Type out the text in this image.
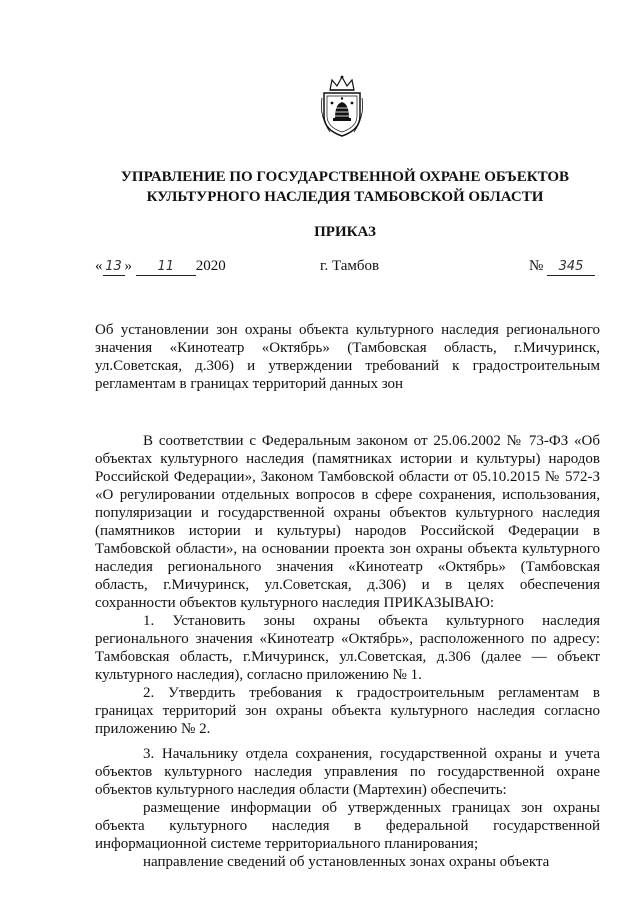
УПРАВЛЕНИЕ ПО ГОСУДАРСТВЕННОЙ ОХРАНЕ ОБЪЕКТОВ
КУЛЬТУРНОГО НАСЛЕДИЯ ТАМБОВСКОЙ ОБЛАСТИ
ПРИКАЗ
« 13 » 11 2020	г. Тамбов	№ 345
Об установлении зон охраны объекта культурного наследия регионального значения «Кинотеатр «Октябрь» (Тамбовская область, г.Мичуринск, ул.Советская, д.306) и утверждении требований к градостроительным регламентам в границах территорий данных зон

В соответствии с Федеральным законом от 25.06.2002 № 73-ФЗ «Об объектах культурного наследия (памятниках истории и культуры) народов Российской Федерации», Законом Тамбовской области от 05.10.2015 № 572-З «О регулировании отдельных вопросов в сфере сохранения, использования, популяризации и государственной охраны объектов культурного наследия (памятников истории и культуры) народов Российской Федерации в Тамбовской области», на основании проекта зон охраны объекта культурного наследия регионального значения «Кинотеатр «Октябрь» (Тамбовская область, г.Мичуринск, ул.Советская, д.306) и в целях обеспечения сохранности объектов культурного наследия ПРИКАЗЫВАЮ:

1. Установить зоны охраны объекта культурного наследия регионального значения «Кинотеатр «Октябрь», расположенного по адресу: Тамбовская область, г.Мичуринск, ул.Советская, д.306 (далее — объект культурного наследия), согласно приложению № 1.

2. Утвердить требования к градостроительным регламентам в границах территорий зон охраны объекта культурного наследия согласно приложению № 2.

3. Начальнику отдела сохранения, государственной охраны и учета объектов культурного наследия управления по государственной охране объектов культурного наследия области (Мартехин) обеспечить:

размещение информации об утвержденных границах зон охраны объекта культурного наследия в федеральной государственной информационной системе территориального планирования;

направление сведений об установленных зонах охраны объекта
